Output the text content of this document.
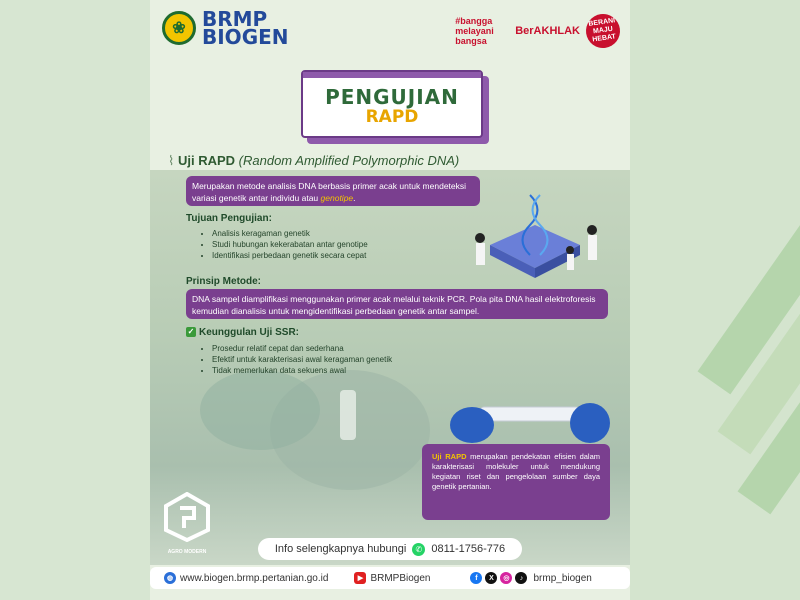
❀ BRMP
BIOGEN
#bangga melayani bangsa
BerAKHLAK
BERANI MAJU HEBAT
PENGUJIAN
RAPD
⌇ Uji RAPD (Random Amplified Polymorphic DNA)
Merupakan metode analisis DNA berbasis primer acak untuk mendeteksi variasi genetik antar individu atau genotipe.
Tujuan Pengujian:
• Analisis keragaman genetik
• Studi hubungan kekerabatan antar genotipe
• Identifikasi perbedaan genetik secara cepat
Prinsip Metode:
DNA sampel diamplifikasi menggunakan primer acak melalui teknik PCR. Pola pita DNA hasil elektroforesis kemudian dianalisis untuk mengidentifikasi perbedaan genetik antar sampel.
✓ Keunggulan Uji SSR:
• Prosedur relatif cepat dan sederhana
• Efektif untuk karakterisasi awal keragaman genetik
• Tidak memerlukan data sekuens awal
Uji RAPD merupakan pendekatan efisien dalam karakterisasi molekuler untuk mendukung kegiatan riset dan pengelolaan sumber daya genetik pertanian.
AGRO MODERN	Info selengkapnya hubungi	✆ 0811-1756-776
◍ www.biogen.brmp.pertanian.go.id	▶ BRMPBiogen	f	X	◎	♪	brmp_biogen
